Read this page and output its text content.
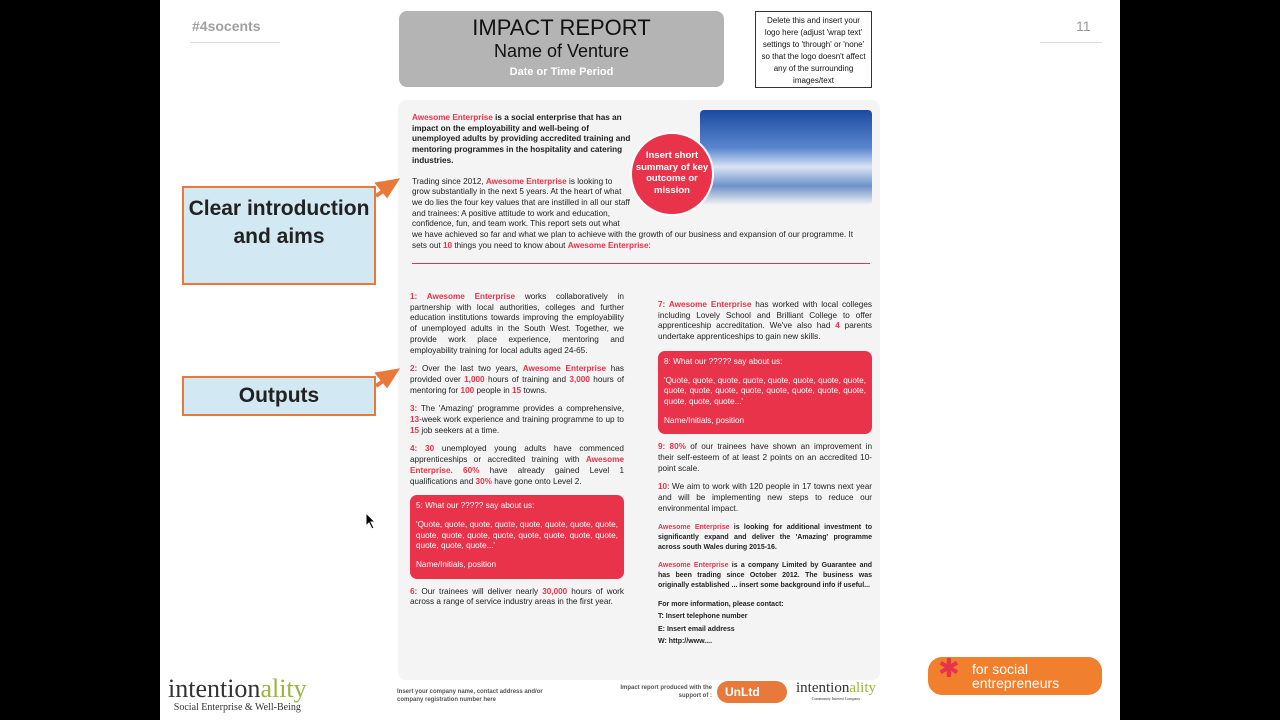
#4socents	11
IMPACT REPORT
Name of Venture
Date or Time Period
Delete this and insert your logo here (adjust 'wrap text' settings to 'through' or 'none' so that the logo doesn't affect any of the surrounding images/text
Insert short summary of key outcome or mission
Awesome Enterprise is a social enterprise that has an impact on the employability and well-being of unemployed adults by providing accredited training and mentoring programmes in the hospitality and catering industries.
Trading since 2012, Awesome Enterprise is looking to grow substantially in the next 5 years. At the heart of what we do lies the four key values that are instilled in all our staff and trainees: A positive attitude to work and education, confidence, fun, and team work. This report sets out what we have achieved so far and what we plan to achieve with the growth of our business and expansion of our programme. It sets out 10 things you need to know about Awesome Enterprise:
1: Awesome Enterprise works collaboratively in partnership with local authorities, colleges and further education institutions towards improving the employability of unemployed adults in the South West. Together, we provide work place experience, mentoring and employability training for local adults aged 24-65.
2: Over the last two years, Awesome Enterprise has provided over 1,000 hours of training and 3,000 hours of mentoring for 100 people in 15 towns.
3: The 'Amazing' programme provides a comprehensive, 13-week work experience and training programme to up to 15 job seekers at a time.
4: 30 unemployed young adults have commenced apprenticeships or accredited training with Awesome Enterprise. 60% have already gained Level 1 qualifications and 30% have gone onto Level 2.

5: What our ????? say about us:

'Quote, quote, quote, quote, quote, quote, quote, quote, quote, quote, quote, quote, quote, quote, quote, quote, quote, quote, quote...'

Name/Initials, position

6: Our trainees will deliver nearly 30,000 hours of work across a range of service industry areas in the first year.
7: Awesome Enterprise has worked with local colleges including Lovely School and Brilliant College to offer apprenticeship accreditation. We've also had 4 parents undertake apprenticeships to gain new skills.

8: What our ????? say about us:

'Quote, quote, quote, quote, quote, quote, quote, quote, quote, quote, quote, quote, quote, quote, quote, quote, quote, quote, quote...'

Name/Initials, position

9: 80% of our trainees have shown an improvement in their self-esteem of at least 2 points on an accredited 10-point scale.
10: We aim to work with 120 people in 17 towns next year and will be implementing new steps to reduce our environmental impact.
Awesome Enterprise is looking for additional investment to significantly expand and deliver the 'Amazing' programme across south Wales during 2015-16.
Awesome Enterprise is a company Limited by Guarantee and has been trading since October 2012. The business was originally established ... insert some background info if useful...
For more information, please contact:
T: Insert telephone number
E: Insert email address
W: http://www....
Clear introduction and aims
Outputs
intentionality
Social Enterprise & Well-Being
Insert your company name, contact address and/or company registration number here
Impact report produced with the support of :	UnLtd	intentionality
Community Interest Company
✱ for social entrepreneurs
